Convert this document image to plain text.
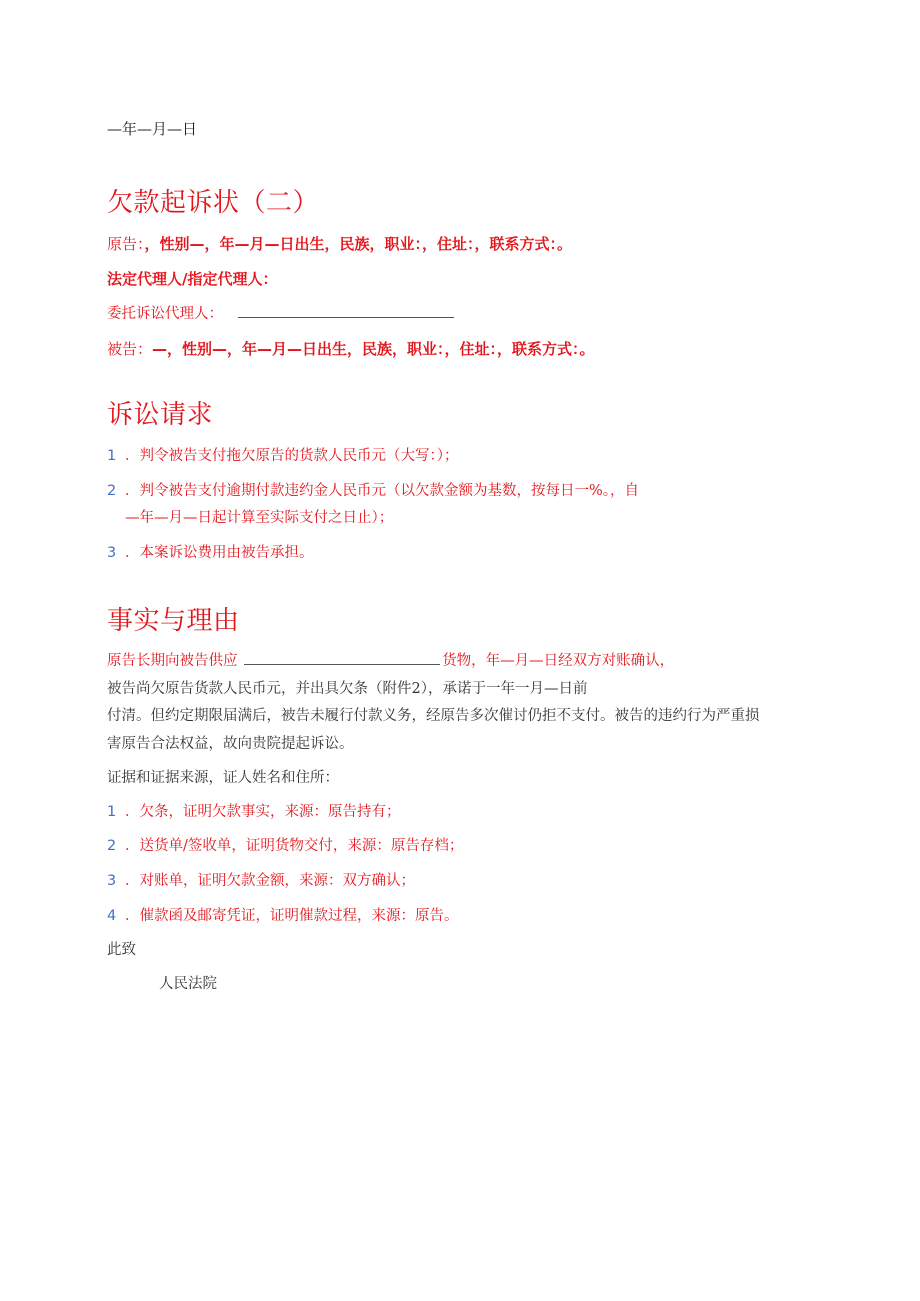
—年—月—日
欠款起诉状（二）
原告：，性别—，年—月—日出生，民族，职业：，住址：，联系方式：。
法定代理人/指定代理人：
委托诉讼代理人：
被告：—，性别—，年—月—日出生，民族，职业：，住址：，联系方式：。
诉讼请求
1 ．判令被告支付拖欠原告的货款人民币元（大写：）；
2 ．判令被告支付逾期付款违约金人民币元（以欠款金额为基数，按每日一%。，自
—年—月—日起计算至实际支付之日止）；
3 ．本案诉讼费用由被告承担。
事实与理由
原告长期向被告供应	货物，年—月—日经双方对账确认，
被告尚欠原告货款人民币元，并出具欠条（附件2），承诺于一年一月—日前
付清。但约定期限届满后，被告未履行付款义务，经原告多次催讨仍拒不支付。被告的违约行为严重损
害原告合法权益，故向贵院提起诉讼。
证据和证据来源，证人姓名和住所：
1 ．欠条，证明欠款事实，来源：原告持有；
2 ．送货单/签收单，证明货物交付，来源：原告存档；
3 ．对账单，证明欠款金额，来源：双方确认；
4 ．催款函及邮寄凭证，证明催款过程，来源：原告。
此致
人民法院
